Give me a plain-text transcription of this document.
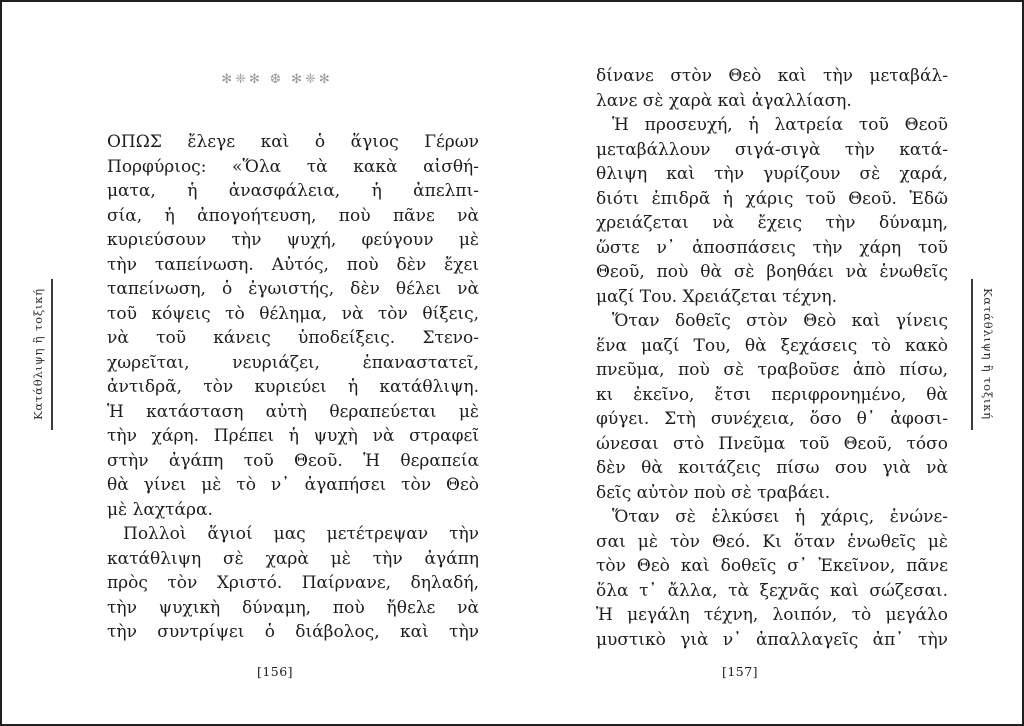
Κατάθλιψη ἢ τοξική	Κατάθλιψη ἢ τοξική
✻❈✻ ❆ ✻❈✻
ΟΠΩΣ ἔλεγε καὶ ὁ ἅγιος Γέρων
Πορφύριος: «Ὅλα τὰ κακὰ αἰσθή-
ματα, ἡ ἀνασφάλεια, ἡ ἀπελπι-
σία, ἡ ἀπογοήτευση, ποὺ πᾶνε νὰ
κυριεύσουν τὴν ψυχή, φεύγουν μὲ
τὴν ταπείνωση. Αὐτός, ποὺ δὲν ἔχει
ταπείνωση, ὁ ἐγωιστής, δὲν θέλει νὰ
τοῦ κόψεις τὸ θέλημα, νὰ τὸν θίξεις,
νὰ τοῦ κάνεις ὑποδείξεις. Στενο-
χωρεῖται, νευριάζει, ἐπαναστατεῖ,
ἀντιδρᾶ, τὸν κυριεύει ἡ κατάθλιψη.
Ἡ κατάσταση αὐτὴ θεραπεύεται μὲ
τὴν χάρη. Πρέπει ἡ ψυχὴ νὰ στραφεῖ
στὴν ἀγάπη τοῦ Θεοῦ. Ἡ θεραπεία
θὰ γίνει μὲ τὸ ν᾿ ἀγαπήσει τὸν Θεὸ
μὲ λαχτάρα.
Πολλοὶ ἅγιοί μας μετέτρεψαν τὴν
κατάθλιψη σὲ χαρὰ μὲ τὴν ἀγάπη
πρὸς τὸν Χριστό. Παίρνανε, δηλαδή,
τὴν ψυχικὴ δύναμη, ποὺ ἤθελε νὰ
τὴν συντρίψει ὁ διάβολος, καὶ τὴν
[156]
δίνανε στὸν Θεὸ καὶ τὴν μεταβάλ-
λανε σὲ χαρὰ καὶ ἀγαλλίαση.
Ἡ προσευχή, ἡ λατρεία τοῦ Θεοῦ
μεταβάλλουν σιγά-σιγὰ τὴν κατά-
θλιψη καὶ τὴν γυρίζουν σὲ χαρά,
διότι ἐπιδρᾶ ἡ χάρις τοῦ Θεοῦ. Ἐδῶ
χρειάζεται νὰ ἔχεις τὴν δύναμη,
ὥστε ν᾿ ἀποσπάσεις τὴν χάρη τοῦ
Θεοῦ, ποὺ θὰ σὲ βοηθάει νὰ ἑνωθεῖς
μαζί Του. Χρειάζεται τέχνη.
Ὅταν δοθεῖς στὸν Θεὸ καὶ γίνεις
ἕνα μαζί Του, θὰ ξεχάσεις τὸ κακὸ
πνεῦμα, ποὺ σὲ τραβοῦσε ἀπὸ πίσω,
κι ἐκεῖνο, ἔτσι περιφρονημένο, θὰ
φύγει. Στὴ συνέχεια, ὅσο θ᾿ ἀφοσι-
ώνεσαι στὸ Πνεῦμα τοῦ Θεοῦ, τόσο
δὲν θὰ κοιτάζεις πίσω σου γιὰ νὰ
δεῖς αὐτὸν ποὺ σὲ τραβάει.
Ὅταν σὲ ἑλκύσει ἡ χάρις, ἑνώνε-
σαι μὲ τὸν Θεό. Κι ὅταν ἑνωθεῖς μὲ
τὸν Θεὸ καὶ δοθεῖς σ᾿ Ἐκεῖνον, πᾶνε
ὅλα τ᾿ ἄλλα, τὰ ξεχνᾶς καὶ σώζεσαι.
Ἡ μεγάλη τέχνη, λοιπόν, τὸ μεγάλο
μυστικὸ γιὰ ν᾿ ἀπαλλαγεῖς ἀπ᾿ τὴν
[157]
